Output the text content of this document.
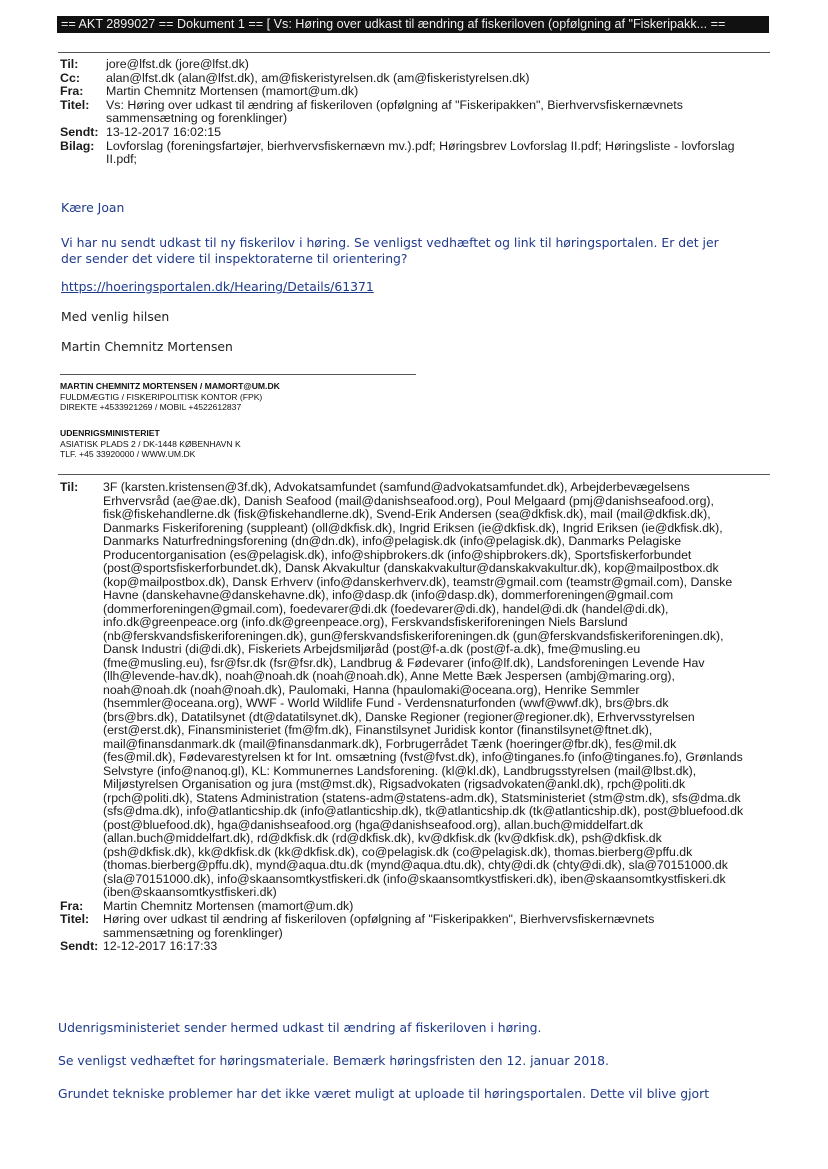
== AKT 2899027 == Dokument 1 == [ Vs: Høring over udkast til ændring af fiskeriloven (opfølgning af "Fiskeripakk... ==
Til:	jore@lfst.dk (jore@lfst.dk)
Cc:	alan@lfst.dk (alan@lfst.dk), am@fiskeristyrelsen.dk (am@fiskeristyrelsen.dk)
Fra:	Martin Chemnitz Mortensen (mamort@um.dk)
Titel:	Vs: Høring over udkast til ændring af fiskeriloven (opfølgning af "Fiskeripakken", Bierhvervsfiskernævnets
sammensætning og forenklinger)
Sendt: 13-12-2017 16:02:15
Bilag: Lovforslag (foreningsfartøjer, bierhvervsfiskernævn mv.).pdf; Høringsbrev Lovforslag II.pdf; Høringsliste - lovforslag
II.pdf;
Kære Joan
Vi har nu sendt udkast til ny fiskerilov i høring. Se venligst vedhæftet og link til høringsportalen. Er det jer
der sender det videre til inspektoraterne til orientering?
https://hoeringsportalen.dk/Hearing/Details/61371
Med venlig hilsen
Martin Chemnitz Mortensen
MARTIN CHEMNITZ MORTENSEN / MAMORT@UM.DK
FULDMÆGTIG / FISKERIPOLITISK KONTOR (FPK)
DIREKTE +4533921269 / MOBIL +4522612837
UDENRIGSMINISTERIET
ASIATISK PLADS 2 / DK-1448 KØBENHAVN K
TLF. +45 33920000 / WWW.UM.DK
Til:	3F (karsten.kristensen@3f.dk), Advokatsamfundet (samfund@advokatsamfundet.dk), Arbejderbevægelsens
Erhvervsråd (ae@ae.dk), Danish Seafood (mail@danishseafood.org), Poul Melgaard (pmj@danishseafood.org),
fisk@fiskehandlerne.dk (fisk@fiskehandlerne.dk), Svend-Erik Andersen (sea@dkfisk.dk), mail (mail@dkfisk.dk),
Danmarks Fiskeriforening (suppleant) (oll@dkfisk.dk), Ingrid Eriksen (ie@dkfisk.dk), Ingrid Eriksen (ie@dkfisk.dk),
Danmarks Naturfredningsforening (dn@dn.dk), info@pelagisk.dk (info@pelagisk.dk), Danmarks Pelagiske
Producentorganisation (es@pelagisk.dk), info@shipbrokers.dk (info@shipbrokers.dk), Sportsfiskerforbundet
(post@sportsfiskerforbundet.dk), Dansk Akvakultur (danskakvakultur@danskakvakultur.dk), kop@mailpostbox.dk
(kop@mailpostbox.dk), Dansk Erhverv (info@danskerhverv.dk), teamstr@gmail.com (teamstr@gmail.com), Danske
Havne (danskehavne@danskehavne.dk), info@dasp.dk (info@dasp.dk), dommerforeningen@gmail.com
(dommerforeningen@gmail.com), foedevarer@di.dk (foedevarer@di.dk), handel@di.dk (handel@di.dk),
info.dk@greenpeace.org (info.dk@greenpeace.org), Ferskvandsfiskeriforeningen Niels Barslund
(nb@ferskvandsfiskeriforeningen.dk), gun@ferskvandsfiskeriforeningen.dk (gun@ferskvandsfiskeriforeningen.dk),
Dansk Industri (di@di.dk), Fiskeriets Arbejdsmiljøråd (post@f-a.dk (post@f-a.dk), fme@musling.eu
(fme@musling.eu), fsr@fsr.dk (fsr@fsr.dk), Landbrug & Fødevarer (info@lf.dk), Landsforeningen Levende Hav
(llh@levende-hav.dk), noah@noah.dk (noah@noah.dk), Anne Mette Bæk Jespersen (ambj@maring.org),
noah@noah.dk (noah@noah.dk), Paulomaki, Hanna (hpaulomaki@oceana.org), Henrike Semmler
(hsemmler@oceana.org), WWF - World Wildlife Fund - Verdensnaturfonden (wwf@wwf.dk), brs@brs.dk
(brs@brs.dk), Datatilsynet (dt@datatilsynet.dk), Danske Regioner (regioner@regioner.dk), Erhvervsstyrelsen
(erst@erst.dk), Finansministeriet (fm@fm.dk), Finanstilsynet Juridisk kontor (finanstilsynet@ftnet.dk),
mail@finansdanmark.dk (mail@finansdanmark.dk), Forbrugerrådet Tænk (hoeringer@fbr.dk), fes@mil.dk
(fes@mil.dk), Fødevarestyrelsen kt for Int. omsætning (fvst@fvst.dk), info@tinganes.fo (info@tinganes.fo), Grønlands
Selvstyre (info@nanoq.gl), KL: Kommunernes Landsforening. (kl@kl.dk), Landbrugsstyrelsen (mail@lbst.dk),
Miljøstyrelsen Organisation og jura (mst@mst.dk), Rigsadvokaten (rigsadvokaten@ankl.dk), rpch@politi.dk
(rpch@politi.dk), Statens Administration (statens-adm@statens-adm.dk), Statsministeriet (stm@stm.dk), sfs@dma.dk
(sfs@dma.dk), info@atlanticship.dk (info@atlanticship.dk), tk@atlanticship.dk (tk@atlanticship.dk), post@bluefood.dk
(post@bluefood.dk), hga@danishseafood.org (hga@danishseafood.org), allan.buch@middelfart.dk
(allan.buch@middelfart.dk), rd@dkfisk.dk (rd@dkfisk.dk), kv@dkfisk.dk (kv@dkfisk.dk), psh@dkfisk.dk
(psh@dkfisk.dk), kk@dkfisk.dk (kk@dkfisk.dk), co@pelagisk.dk (co@pelagisk.dk), thomas.bierberg@pffu.dk
(thomas.bierberg@pffu.dk), mynd@aqua.dtu.dk (mynd@aqua.dtu.dk), chty@di.dk (chty@di.dk), sla@70151000.dk
(sla@70151000.dk), info@skaansomtkystfiskeri.dk (info@skaansomtkystfiskeri.dk), iben@skaansomtkystfiskeri.dk
(iben@skaansomtkystfiskeri.dk)
Fra:	Martin Chemnitz Mortensen (mamort@um.dk)
Titel:	Høring over udkast til ændring af fiskeriloven (opfølgning af "Fiskeripakken", Bierhvervsfiskernævnets
sammensætning og forenklinger)
Sendt: 12-12-2017 16:17:33
Udenrigsministeriet sender hermed udkast til ændring af fiskeriloven i høring.
Se venligst vedhæftet for høringsmateriale. Bemærk høringsfristen den 12. januar 2018.
Grundet tekniske problemer har det ikke været muligt at uploade til høringsportalen. Dette vil blive gjort
